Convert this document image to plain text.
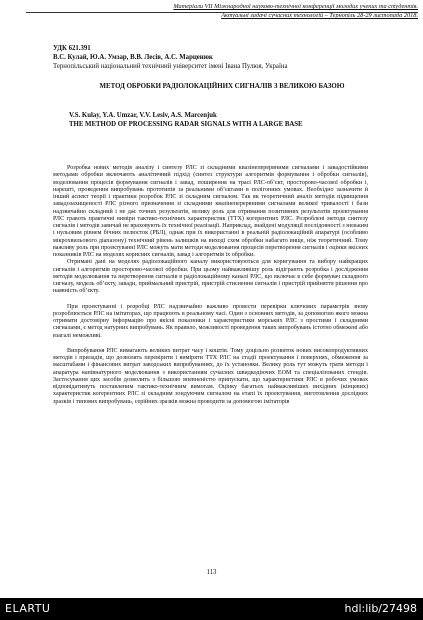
Матеріали VII Міжнародної науково-технічної конференції молодих учених та студентів.
Актуальні задачі сучасних технологій – Тернопіль 28-29 листопада 2018.
УДК 621.391
В.С. Кулай, Ю.А. Умзар, В.В. Лесів, А.С. Марценюк
Тернопільський національний технічний університет імені Івана Пулюя, Україна
МЕТОД ОБРОБКИ РАДІОЛОКАЦІЙНИХ СИГНАЛІВ З ВЕЛИКОЮ БАЗОЮ
V.S. Kulay, Y.A. Umzar, V.V. Lesiv, A.S. Marcenjuk
THE METHOD OF PROCESSING RADAR SIGNALS WITH A LARGE BASE

Розробка нових методів аналізу і синтезу РЛС зі складними квазінеперервними сигналами і завадостійкими методами обробки включають аналітичний підхід (синтез структури алгоритмів формування і обробки сигналів), моделювання процесів формування сигналів і завад, поширення на трасі РЛС-об’єкт, просторово-часової обробки і, нарешті, проведення випробувань прототипів за реальними об’єктами в полігонних умовах. Необхідно зазначити й інший аспект теорії і практики розробок РЛС зі складним сигналом. Так як теоретичний аналіз методів підвищення завадозахищеності РЛС різного призначення зі складними квазінеперервними сигналами великої тривалості і бази надзвичайно складний і не дає точних результатів, велику роль для отримання позитивних результатів проектування РЛС гравоть практичні виміри тактико-технічних характеристик (ТТХ) когерентних РЛС. Розроблені методи синтезу сигналів і методів завичай не враховують їх технічної реалізації. Наприклад, знайдені модуляції послідовності з низьким і нульовим рівнем бічних пелюсток (РБЛ), однак при їх використанні в реальній радіолокаційній апаратурі (особливо мікрохвильового діапазону) технічний рівень залишків на виході схем обробки набагато вище, ніж теоретичний. Тому важливу роль при проектуванні РЛС можуть мати методи моделювання процесів перетворення сигналів і оцінки якісних показників РЛС на моделях корисних сигналів, завад і алгоритмів їх обробки.

Отримані дані на моделях радіолокаційного каналу використовуються для коригування та вибору найкращих сигналів і алгоритмів просторово-часової обробки. При цьому найважливішу роль відіграють розробка і дослідження методів моделювання та перетворення сигналів в радіолокаційному каналі РЛС, що включає в себе формувач складного сигналу, модель об’єкту, завади, приймальний пристрій, пристрій стиснення сигналів і пристрій прийняття рішення про наявність об’єкту.

При проектуванні і розробці РЛС надзвичайно важливо провести перевірки ключових параметрів знову розроблюється РЛС на імітаторах, що працюють в реальному часі. Один з основних методів, за допомогою якого можна отримати достовірну інформацію про якісні показники і характеристики морських РЛС з простими і складними сигналами, є метод натурних випробувань. Як правило, можливості проведення таких випробувань істотно обмежені або взагалі неможливі.

Випробування РЛС вимагають великих витрат часу і коштів. Тому доцільно розвиток нових високопродуктивних методів і приладів, що дозволять перевірити і виміряти ТТХ РЛС на стадії проектування і поверхнях, обмеження за масштабами і фінансових витрат заводських випробуваннях, до їх установки. Велику роль тут можуть грати методи і апаратура напівнатурного моделювання з використанням сучасних швидкодіючих ЕОМ та спеціалізованих стендів. Застосування цих засобів дозволить з більшою впевненістю припускати, що характеристики РЛС в робочих умовах відповідатимуть поставленим тактико-технічним вимогам. Оцінку багатьох найважливіших вихідних (кінцевих) характеристик когерентних РЛС зі складним зондуючим сигналом на етапі їх проектування, виготовлення дослідних зразків і типових випробувань, серійних зразків можна проводити за допомогою імітаторів

113
ELARTU	hdl:lib/27498
